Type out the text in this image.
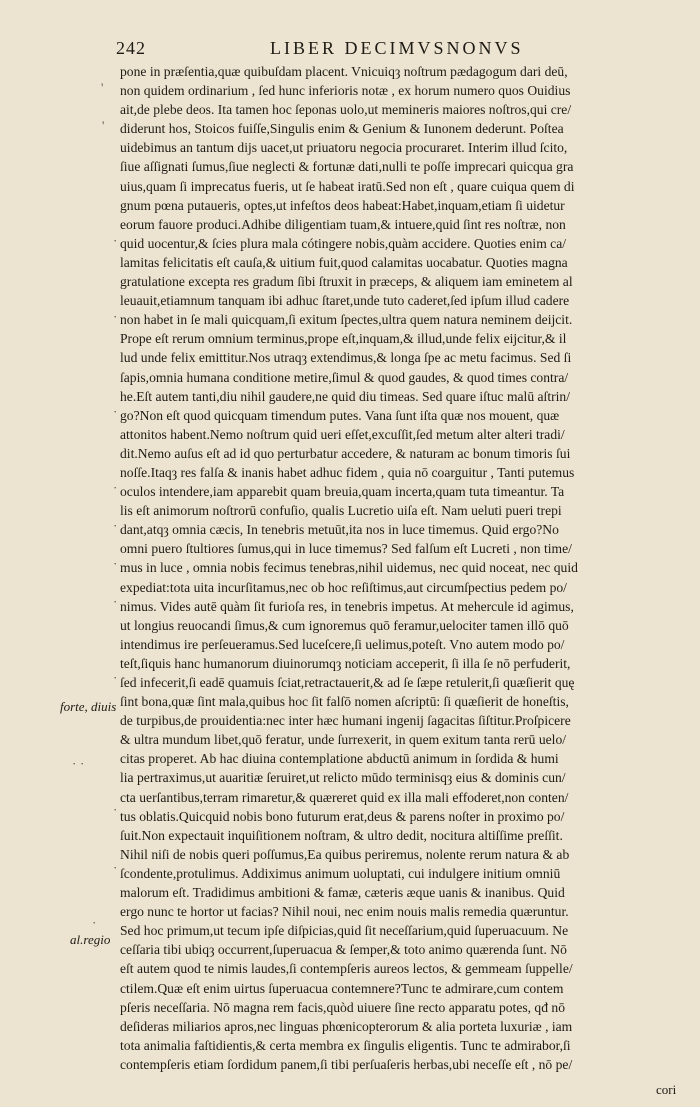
242	LIBER DECIMVSNONVS
pone in præſentia,quæ quibuſdam placent. Vnicuiqȝ noſtrum pædagogum dari deū,
non quidem ordinarium , ſed hunc inferioris notæ , ex horum numero quos Ouidius
ait,de plebe deos. Ita tamen hoc ſeponas uolo,ut memineris maiores noſtros,qui cre/
diderunt hos, Stoicos fuiſſe,Singulis enim & Genium & Iunonem dederunt. Poſtea
uidebimus an tantum dijs uacet,ut priuatoru negocia procuraret. Interim illud ſcito,
ſiue aſſignati ſumus,ſiue neglecti & fortunæ dati,nulli te poſſe imprecari quicqua gra
uius,quam ſi imprecatus fueris, ut ſe habeat iratū.Sed non eſt , quare cuiqua quem di
gnum pœna putaueris, optes,ut infeſtos deos habeat:Habet,inquam,etiam ſi uidetur
eorum fauore produci.Adhibe diligentiam tuam,& intuere,quid ſint res noſtræ, non
quid uocentur,& ſcies plura mala cótingere nobis,quàm accidere. Quoties enim ca/
lamitas felicitatis eſt cauſa,& uitium fuit,quod calamitas uocabatur. Quoties magna
gratulatione excepta res gradum ſibi ſtruxit in præceps, & aliquem iam eminetem al
leuauit,etiamnum tanquam ibi adhuc ſtaret,unde tuto caderet,ſed ipſum illud cadere
non habet in ſe mali quicquam,ſi exitum ſpectes,ultra quem natura neminem deijcit.
Prope eſt rerum omnium terminus,prope eſt,inquam,& illud,unde felix eijcitur,& il
lud unde felix emittitur.Nos utraqȝ extendimus,& longa ſpe ac metu facimus. Sed ſi
ſapis,omnia humana conditione metire,ſimul & quod gaudes, & quod times contra/
he.Eſt autem tanti,diu nihil gaudere,ne quid diu timeas. Sed quare iſtuc malū aſtrin/
go?Non eſt quod quicquam timendum putes. Vana ſunt iſta quæ nos mouent, quæ
attonitos habent.Nemo noſtrum quid ueri eſſet,excuſſit,ſed metum alter alteri tradi/
dit.Nemo auſus eſt ad id quo perturbatur accedere, & naturam ac bonum timoris ſui
noſſe.Itaqȝ res falſa & inanis habet adhuc fidem , quia nō coarguitur , Tanti putemus
oculos intendere,iam apparebit quam breuia,quam incerta,quam tuta timeantur. Ta
lis eſt animorum noſtrorū confuſio, qualis Lucretio uiſa eſt. Nam ueluti pueri trepi
dant,atqȝ omnia cæcis, In tenebris metuūt,ita nos in luce timemus. Quid ergo?No
omni puero ſtultiores ſumus,qui in luce timemus? Sed falſum eſt Lucreti , non time/
mus in luce , omnia nobis fecimus tenebras,nihil uidemus, nec quid noceat, nec quid
expediat:tota uita incurſitamus,nec ob hoc reſiſtimus,aut circumſpectius pedem po/
nimus. Vides autē quàm ſit furioſa res, in tenebris impetus. At mehercule id agimus,
ut longius reuocandi ſimus,& cum ignoremus quō feramur,uelociter tamen illō quō
intendimus ire perſeueramus.Sed luceſcere,ſi uelimus,poteſt. Vno autem modo po/
teſt,ſiquis hanc humanorum diuinorumqȝ noticiam acceperit, ſi illa ſe nō perfuderit,
ſed infecerit,ſi eadē quamuis ſciat,retractauerit,& ad ſe ſæpe retulerit,ſi quæſierit quę
ſint bona,quæ ſint mala,quibus hoc ſit falſō nomen aſcriptū: ſi quæſierit de honeſtis,
de turpibus,de prouidentia:nec inter hæc humani ingenij ſagacitas ſiſtitur.Proſpicere
& ultra mundum libet,quō feratur, unde ſurrexerit, in quem exitum tanta rerū uelo/
citas properet. Ab hac diuina contemplatione abductū animum in ſordida & humi
lia pertraximus,ut auaritiæ ſeruiret,ut relicto mūdo terminisqȝ eius & dominis cun/
cta uerſantibus,terram rimaretur,& quæreret quid ex illa mali effoderet,non conten/
tus oblatis.Quicquid nobis bono futurum erat,deus & parens noſter in proximo po/
ſuit.Non expectauit inquiſitionem noſtram, & ultro dedit, nocitura altiſſime preſſit.
Nihil niſi de nobis queri poſſumus,Ea quibus periremus, nolente rerum natura & ab
ſcondente,protulimus. Addiximus animum uoluptati, cui indulgere initium omniū
malorum eſt. Tradidimus ambitioni & famæ, cæteris æque uanis & inanibus. Quid
ergo nunc te hortor ut facias? Nihil noui, nec enim nouis malis remedia quæruntur.
Sed hoc primum,ut tecum ipſe diſpicias,quid ſit neceſſarium,quid ſuperuacuum. Ne
ceſſaria tibi ubiqȝ occurrent,ſuperuacua & ſemper,& toto animo quærenda ſunt. Nō
eſt autem quod te nimis laudes,ſi contempſeris aureos lectos, & gemmeam ſuppelle/
ctilem.Quæ eſt enim uirtus ſuperuacua contemnere?Tunc te admirare,cum contem
pſeris neceſſaria. Nō magna rem facis,quòd uiuere ſine recto apparatu potes, qđ nō
deſideras miliarios apros,nec linguas phœnicopterorum & alia porteta luxuriæ , iam
tota animalia faſtidientis,& certa membra ex ſingulis eligentis. Tunc te admirabor,ſi
contempſeris etiam ſordidum panem,ſi tibi perſuaſeris herbas,ubi neceſſe eſt , nō pe/
forte, diuis
al.regio
'
'
·
·
·
·
·
·
·
·
· ·
·
·
·
cori
